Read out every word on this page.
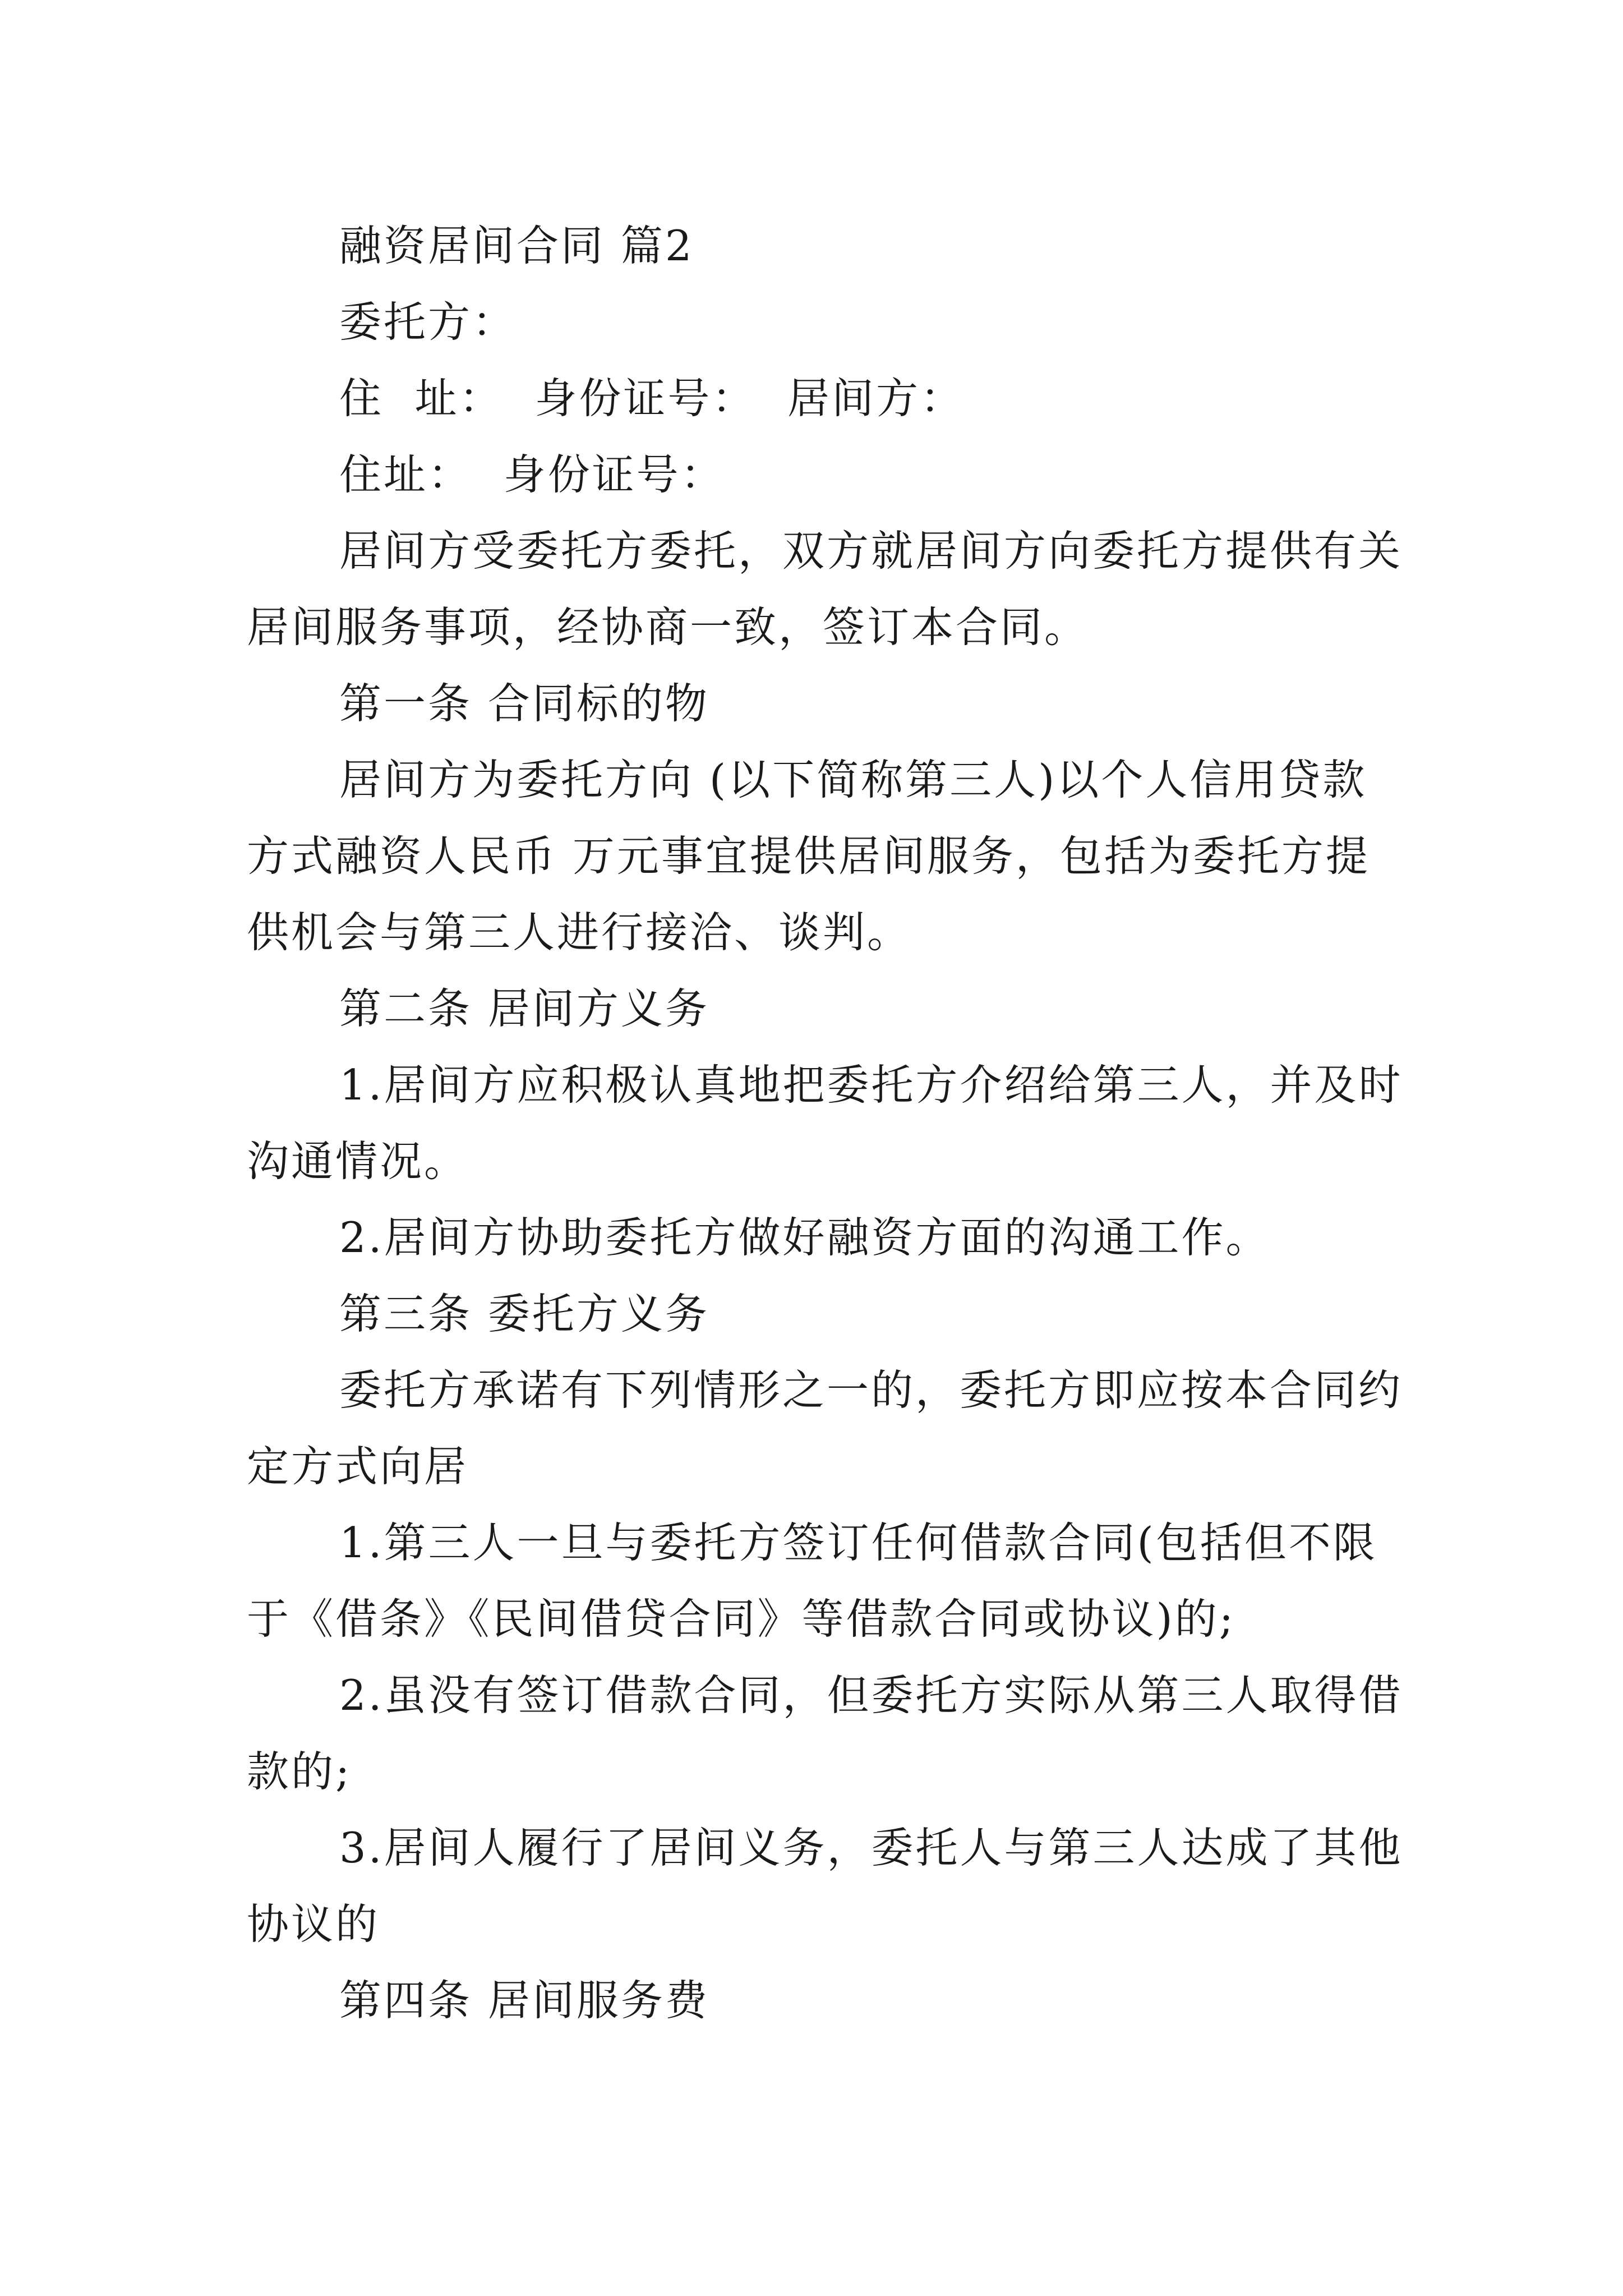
融资居间合同 篇2
委托方：
住  址：  身份证号：  居间方：
住址：  身份证号：
居间方受委托方委托，双方就居间方向委托方提供有关
居间服务事项，经协商一致，签订本合同。
第一条 合同标的物
居间方为委托方向 (以下简称第三人)以个人信用贷款
方式融资人民币 万元事宜提供居间服务，包括为委托方提
供机会与第三人进行接洽、谈判。
第二条 居间方义务
1.居间方应积极认真地把委托方介绍给第三人，并及时
沟通情况。
2.居间方协助委托方做好融资方面的沟通工作。
第三条 委托方义务
委托方承诺有下列情形之一的，委托方即应按本合同约
定方式向居
1.第三人一旦与委托方签订任何借款合同(包括但不限
于《借条》《民间借贷合同》等借款合同或协议)的;
2.虽没有签订借款合同，但委托方实际从第三人取得借
款的;
3.居间人履行了居间义务，委托人与第三人达成了其他
协议的
第四条 居间服务费
